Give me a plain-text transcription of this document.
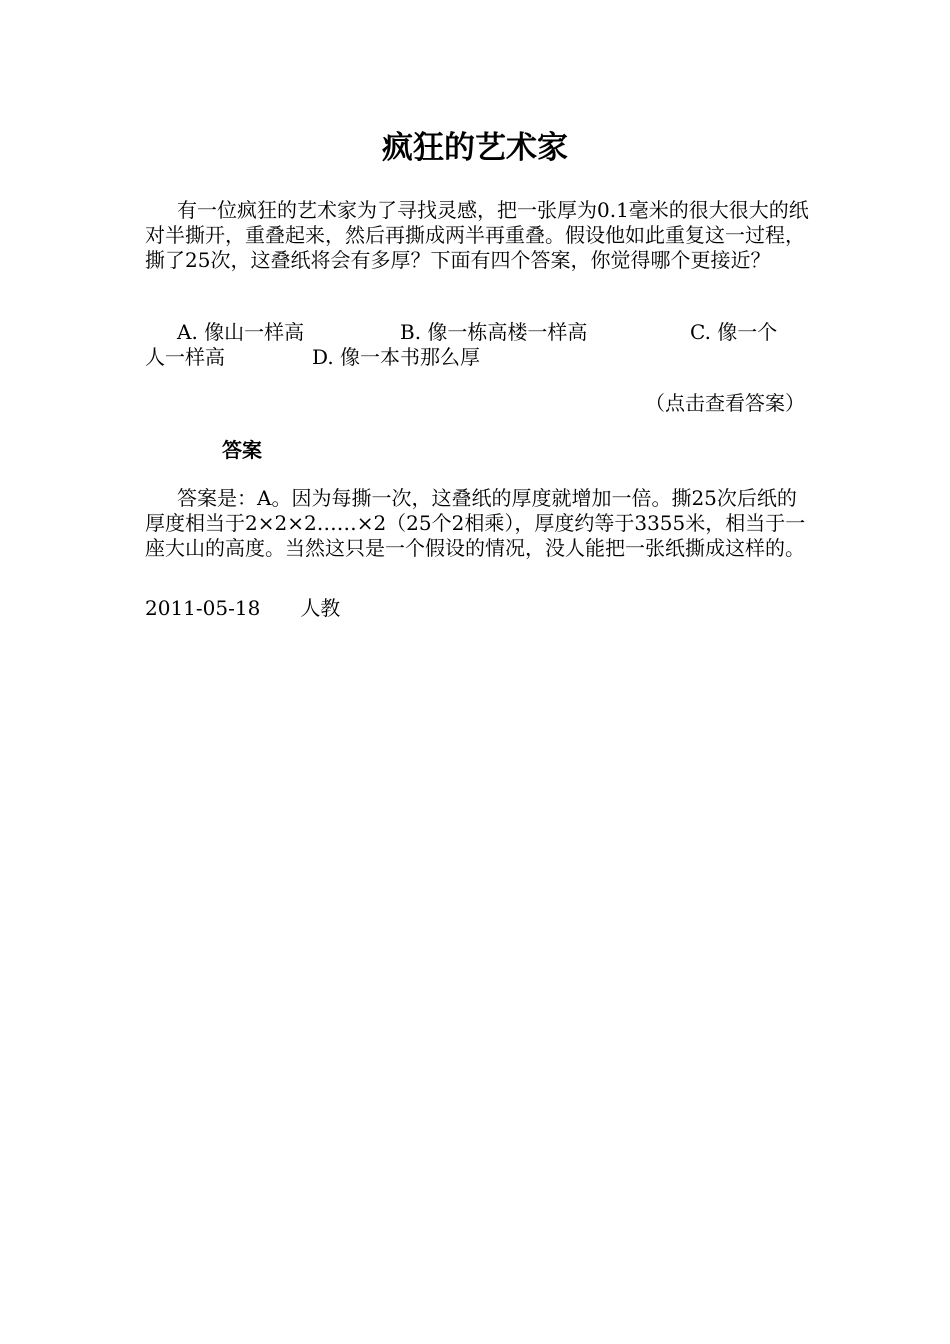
疯狂的艺术家
有一位疯狂的艺术家为了寻找灵感，把一张厚为0.1毫米的很大很大的纸对半撕开，重叠起来，然后再撕成两半再重叠。假设他如此重复这一过程，撕了25次，这叠纸将会有多厚？下面有四个答案，你觉得哪个更接近？
A. 像山一样高	B. 像一栋高楼一样高	C. 像一个
人一样高	D. 像一本书那么厚
（点击查看答案）
答案
答案是：A。因为每撕一次，这叠纸的厚度就增加一倍。撕25次后纸的厚度相当于2×2×2……×2（25个2相乘），厚度约等于3355米，相当于一座大山的高度。当然这只是一个假设的情况，没人能把一张纸撕成这样的。
2011-05-18 人教
